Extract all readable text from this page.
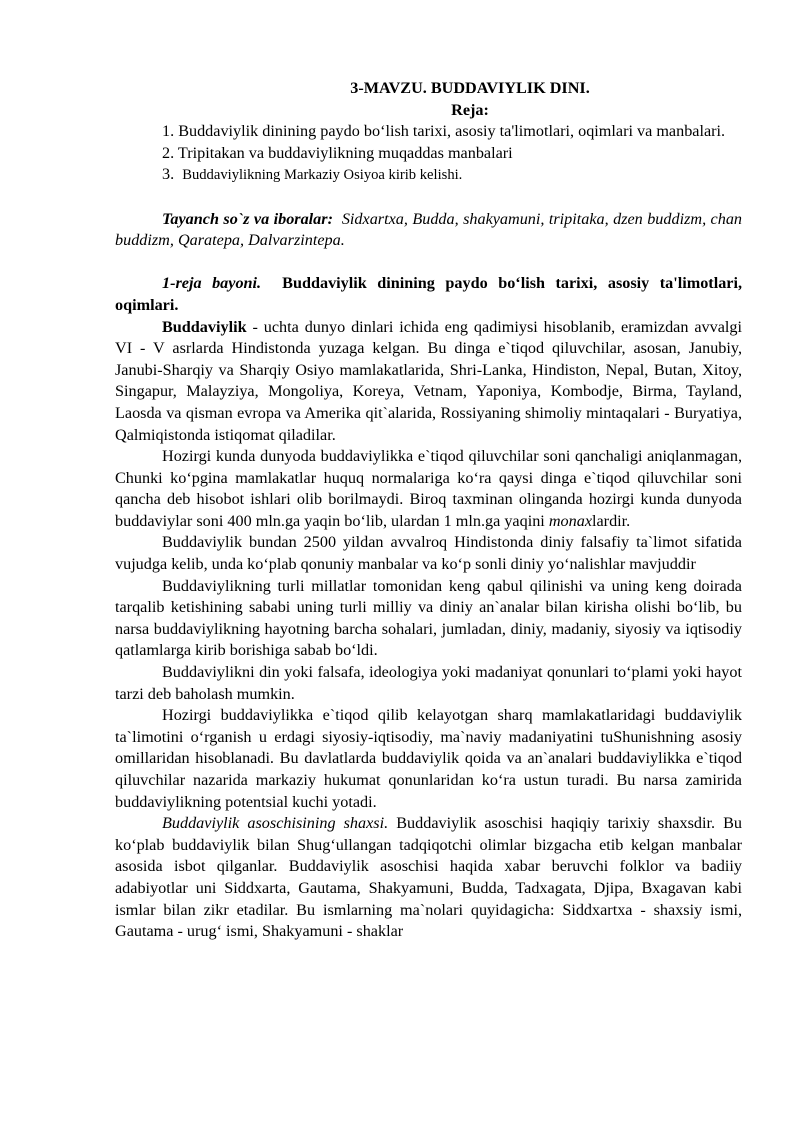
3-MAVZU. BUDDAVIYLIK DINI.

Reja:

1. Buddaviylik dinining paydo bo‘lish tarixi, asosiy ta'limotlari, oqimlari va manbalari.

2. Tripitakan va buddaviylikning muqaddas manbalari

3. Buddaviylikning Markaziy Osiyoa kirib kelishi.

Tayanch so`z va iboralar: Sidxartxa, Budda, shakyamuni, tripitaka, dzen buddizm, chan buddizm, Qaratepa, Dalvarzintepa.

1-reja bayoni. Buddaviylik dinining paydo bo‘lish tarixi, asosiy ta'limotlari, oqimlari.

Buddaviylik - uchta dunyo dinlari ichida eng qadimiysi hisoblanib, eramizdan avvalgi VI - V asrlarda Hindistonda yuzaga kelgan. Bu dinga e`tiqod qiluvchilar, asosan, Janubiy, Janubi-Sharqiy va Sharqiy Osiyo mamlakatlarida, Shri-Lanka, Hindiston, Nepal, Butan, Xitoy, Singapur, Malayziya, Mongoliya, Koreya, Vetnam, Yaponiya, Kombodje, Birma, Tayland, Laosda va qisman evropa va Amerika qit`alarida, Rossiyaning shimoliy mintaqalari - Buryatiya, Qalmiqistonda istiqomat qiladilar.

Hozirgi kunda dunyoda buddaviylikka e`tiqod qiluvchilar soni qanchaligi aniqlanmagan, Chunki ko‘pgina mamlakatlar huquq normalariga ko‘ra qaysi dinga e`tiqod qiluvchilar soni qancha deb hisobot ishlari olib borilmaydi. Biroq taxminan olinganda hozirgi kunda dunyoda buddaviylar soni 400 mln.ga yaqin bo‘lib, ulardan 1 mln.ga yaqini monaxlardir.

Buddaviylik bundan 2500 yildan avvalroq Hindistonda diniy falsafiy ta`limot sifatida vujudga kelib, unda ko‘plab qonuniy manbalar va ko‘p sonli diniy yo‘nalishlar mavjuddir

Buddaviylikning turli millatlar tomonidan keng qabul qilinishi va uning keng doirada tarqalib ketishining sababi uning turli milliy va diniy an`analar bilan kirisha olishi bo‘lib, bu narsa buddaviylikning hayotning barcha sohalari, jumladan, diniy, madaniy, siyosiy va iqtisodiy qatlamlarga kirib borishiga sabab bo‘ldi.

Buddaviylikni din yoki falsafa, ideologiya yoki madaniyat qonunlari to‘plami yoki hayot tarzi deb baholash mumkin.

Hozirgi buddaviylikka e`tiqod qilib kelayotgan sharq mamlakatlaridagi buddaviylik ta`limotini o‘rganish u erdagi siyosiy-iqtisodiy, ma`naviy madaniyatini tuShunishning asosiy omillaridan hisoblanadi. Bu davlatlarda buddaviylik qoida va an`analari buddaviylikka e`tiqod qiluvchilar nazarida markaziy hukumat qonunlaridan ko‘ra ustun turadi. Bu narsa zamirida buddaviylikning potentsial kuchi yotadi.

Buddaviylik asoschisining shaxsi. Buddaviylik asoschisi haqiqiy tarixiy shaxsdir. Bu ko‘plab buddaviylik bilan Shug‘ullangan tadqiqotchi olimlar bizgacha etib kelgan manbalar asosida isbot qilganlar. Buddaviylik asoschisi haqida xabar beruvchi folklor va badiiy adabiyotlar uni Siddxarta, Gautama, Shakyamuni, Budda, Tadxagata, Djipa, Bxagavan kabi ismlar bilan zikr etadilar. Bu ismlarning ma`nolari quyidagicha: Siddxartxa - shaxsiy ismi, Gautama - urug‘ ismi, Shakyamuni - shaklar
